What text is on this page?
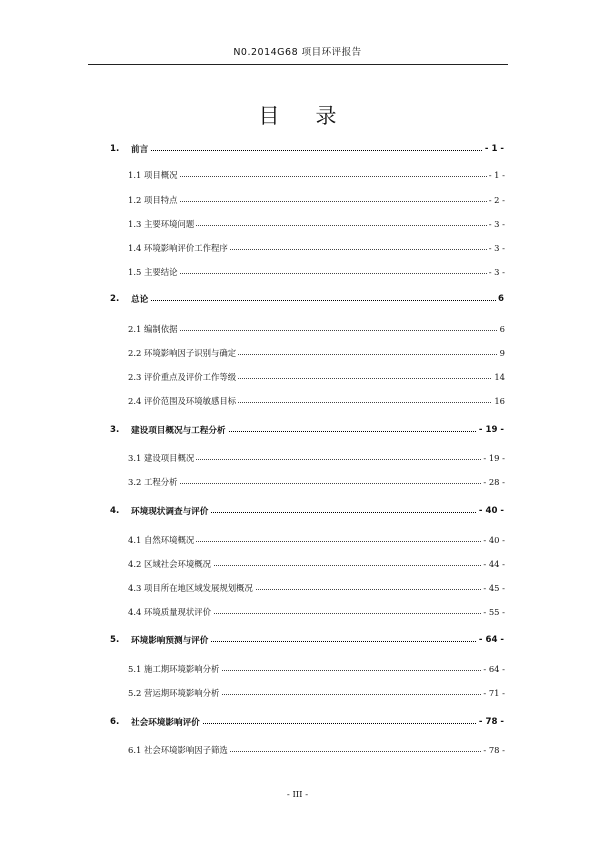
N0.2014G68 项目环评报告
目录
1. 前言	- 1 -
1.1 项目概况	- 1 -
1.2 项目特点	- 2 -
1.3 主要环境问题	- 3 -
1.4 环境影响评价工作程序	- 3 -
1.5 主要结论	- 3 -
2. 总论	6
2.1 编制依据	6
2.2 环境影响因子识别与确定	9
2.3 评价重点及评价工作等级	14
2.4 评价范围及环境敏感目标	16
3. 建设项目概况与工程分析	- 19 -
3.1 建设项目概况	- 19 -
3.2 工程分析	- 28 -
4. 环境现状调查与评价	- 40 -
4.1 自然环境概况	- 40 -
4.2 区域社会环境概况	- 44 -
4.3 项目所在地区域发展规划概况	- 45 -
4.4 环境质量现状评价	- 55 -
5. 环境影响预测与评价	- 64 -
5.1 施工期环境影响分析	- 64 -
5.2 营运期环境影响分析	- 71 -
6. 社会环境影响评价	- 78 -
6.1 社会环境影响因子筛选	- 78 -
- III -
